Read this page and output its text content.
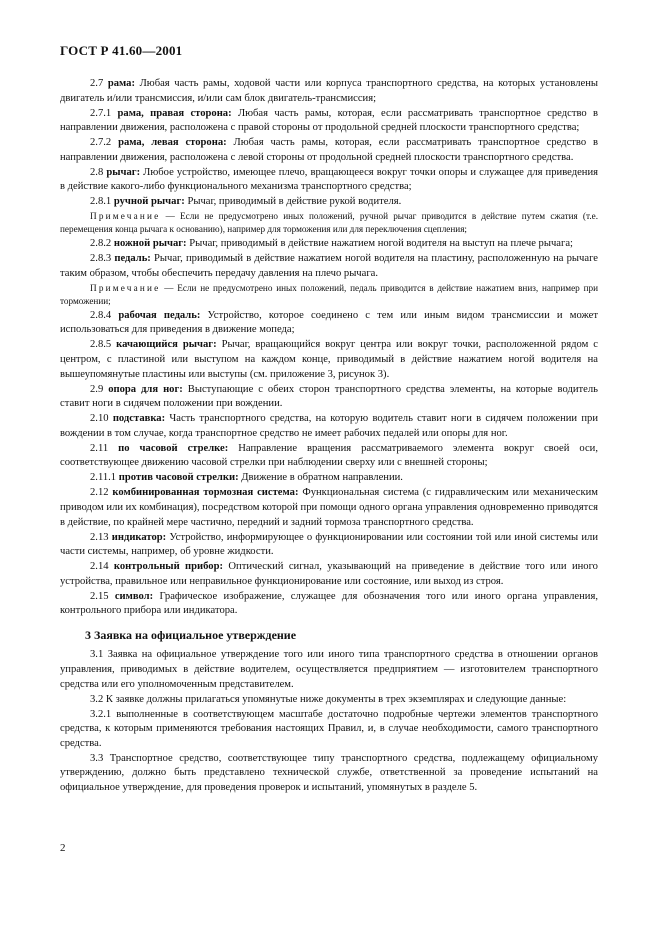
ГОСТ Р 41.60—2001
2.7 рама: Любая часть рамы, ходовой части или корпуса транспортного средства, на которых установлены двигатель и/или трансмиссия, и/или сам блок двигатель-трансмиссия;
2.7.1 рама, правая сторона: Любая часть рамы, которая, если рассматривать транспортное средство в направлении движения, расположена с правой стороны от продольной средней плоскости транспортного средства;
2.7.2 рама, левая сторона: Любая часть рамы, которая, если рассматривать транспортное средство в направлении движения, расположена с левой стороны от продольной средней плоскости транспортного средства.
2.8 рычаг: Любое устройство, имеющее плечо, вращающееся вокруг точки опоры и служащее для приведения в действие какого-либо функционального механизма транспортного средства;
2.8.1 ручной рычаг: Рычаг, приводимый в действие рукой водителя.
Примечание — Если не предусмотрено иных положений, ручной рычаг приводится в действие путем сжатия (т.е. перемещения конца рычага к основанию), например для торможения или для переключения сцепления;
2.8.2 ножной рычаг: Рычаг, приводимый в действие нажатием ногой водителя на выступ на плече рычага;
2.8.3 педаль: Рычаг, приводимый в действие нажатием ногой водителя на пластину, расположенную на рычаге таким образом, чтобы обеспечить передачу давления на плечо рычага.
Примечание — Если не предусмотрено иных положений, педаль приводится в действие нажатием вниз, например при торможении;
2.8.4 рабочая педаль: Устройство, которое соединено с тем или иным видом трансмиссии и может использоваться для приведения в движение мопеда;
2.8.5 качающийся рычаг: Рычаг, вращающийся вокруг центра или вокруг точки, расположенной рядом с центром, с пластиной или выступом на каждом конце, приводимый в действие нажатием ногой водителя на вышеупомянутые пластины или выступы (см. приложение 3, рисунок 3).
2.9 опора для ног: Выступающие с обеих сторон транспортного средства элементы, на которые водитель ставит ноги в сидячем положении при вождении.
2.10 подставка: Часть транспортного средства, на которую водитель ставит ноги в сидячем положении при вождении в том случае, когда транспортное средство не имеет рабочих педалей или опоры для ног.
2.11 по часовой стрелке: Направление вращения рассматриваемого элемента вокруг своей оси, соответствующее движению часовой стрелки при наблюдении сверху или с внешней стороны;
2.11.1 против часовой стрелки: Движение в обратном направлении.
2.12 комбинированная тормозная система: Функциональная система (с гидравлическим или механическим приводом или их комбинация), посредством которой при помощи одного органа управления одновременно приводятся в действие, по крайней мере частично, передний и задний тормоза транспортного средства.
2.13 индикатор: Устройство, информирующее о функционировании или состоянии той или иной системы или части системы, например, об уровне жидкости.
2.14 контрольный прибор: Оптический сигнал, указывающий на приведение в действие того или иного устройства, правильное или неправильное функционирование или состояние, или выход из строя.
2.15 символ: Графическое изображение, служащее для обозначения того или иного органа управления, контрольного прибора или индикатора.
3 Заявка на официальное утверждение
3.1 Заявка на официальное утверждение того или иного типа транспортного средства в отношении органов управления, приводимых в действие водителем, осуществляется предприятием — изготовителем транспортного средства или его уполномоченным представителем.
3.2 К заявке должны прилагаться упомянутые ниже документы в трех экземплярах и следующие данные:
3.2.1 выполненные в соответствующем масштабе достаточно подробные чертежи элементов транспортного средства, к которым применяются требования настоящих Правил, и, в случае необходимости, самого транспортного средства.
3.3 Транспортное средство, соответствующее типу транспортного средства, подлежащему официальному утверждению, должно быть представлено технической службе, ответственной за проведение испытаний на официальное утверждение, для проведения проверок и испытаний, упомянутых в разделе 5.
2
